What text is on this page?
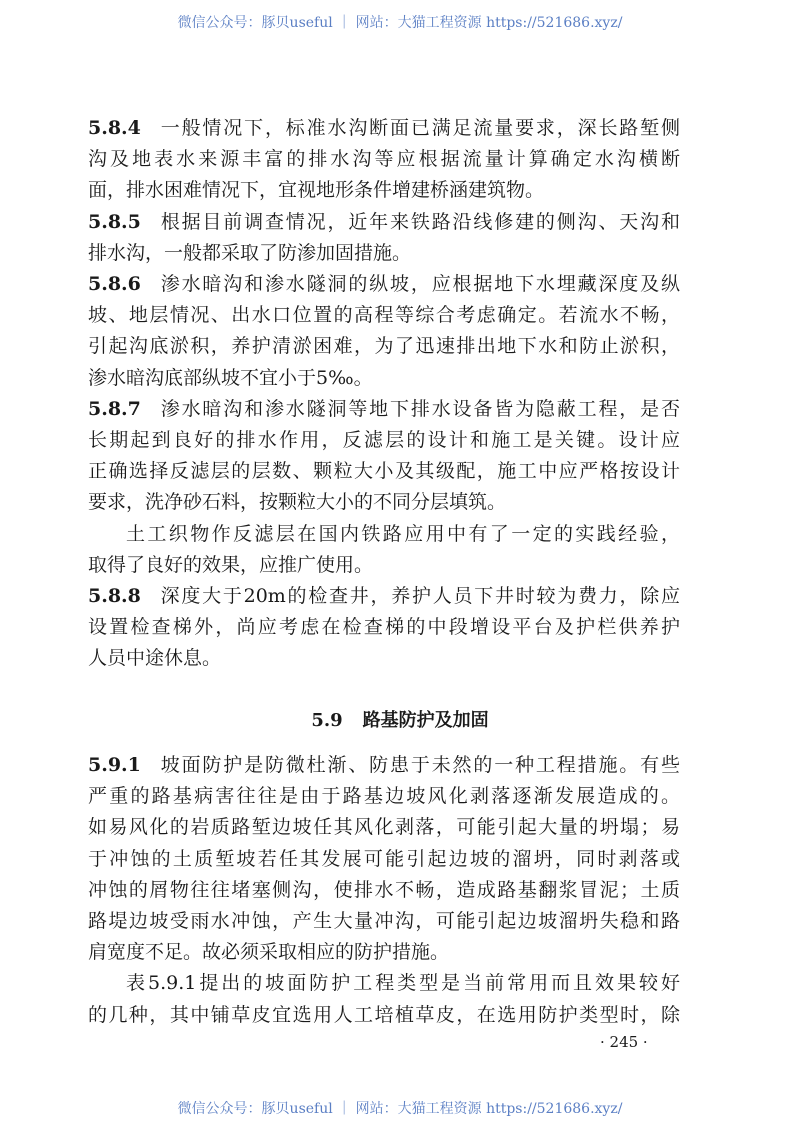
微信公众号：豚贝useful ｜ 网站：大猫工程资源 https://521686.xyz/
5.8.4 一般情况下，标准水沟断面已满足流量要求，深长路堑侧
沟及地表水来源丰富的排水沟等应根据流量计算确定水沟横断
面，排水困难情况下，宜视地形条件增建桥涵建筑物。
5.8.5 根据目前调查情况，近年来铁路沿线修建的侧沟、天沟和
排水沟，一般都采取了防渗加固措施。
5.8.6 渗水暗沟和渗水隧洞的纵坡，应根据地下水埋藏深度及纵
坡、地层情况、出水口位置的高程等综合考虑确定。若流水不畅，
引起沟底淤积，养护清淤困难，为了迅速排出地下水和防止淤积，
渗水暗沟底部纵坡不宜小于5‰。
5.8.7 渗水暗沟和渗水隧洞等地下排水设备皆为隐蔽工程，是否
长期起到良好的排水作用，反滤层的设计和施工是关键。设计应
正确选择反滤层的层数、颗粒大小及其级配，施工中应严格按设计
要求，洗净砂石料，按颗粒大小的不同分层填筑。
土工织物作反滤层在国内铁路应用中有了一定的实践经验，
取得了良好的效果，应推广使用。
5.8.8 深度大于20m的检查井，养护人员下井时较为费力，除应
设置检查梯外，尚应考虑在检查梯的中段增设平台及护栏供养护
人员中途休息。
5.9.1 坡面防护是防微杜渐、防患于未然的一种工程措施。有些
严重的路基病害往往是由于路基边坡风化剥落逐渐发展造成的。
如易风化的岩质路堑边坡任其风化剥落，可能引起大量的坍塌；易
于冲蚀的土质堑坡若任其发展可能引起边坡的溜坍，同时剥落或
冲蚀的屑物往往堵塞侧沟，使排水不畅，造成路基翻浆冒泥；土质
路堤边坡受雨水冲蚀，产生大量冲沟，可能引起边坡溜坍失稳和路
肩宽度不足。故必须采取相应的防护措施。
表5.9.1提出的坡面防护工程类型是当前常用而且效果较好
的几种，其中铺草皮宜选用人工培植草皮，在选用防护类型时，除
5.9 路基防护及加固
· 245 ·
微信公众号：豚贝useful ｜ 网站：大猫工程资源 https://521686.xyz/
